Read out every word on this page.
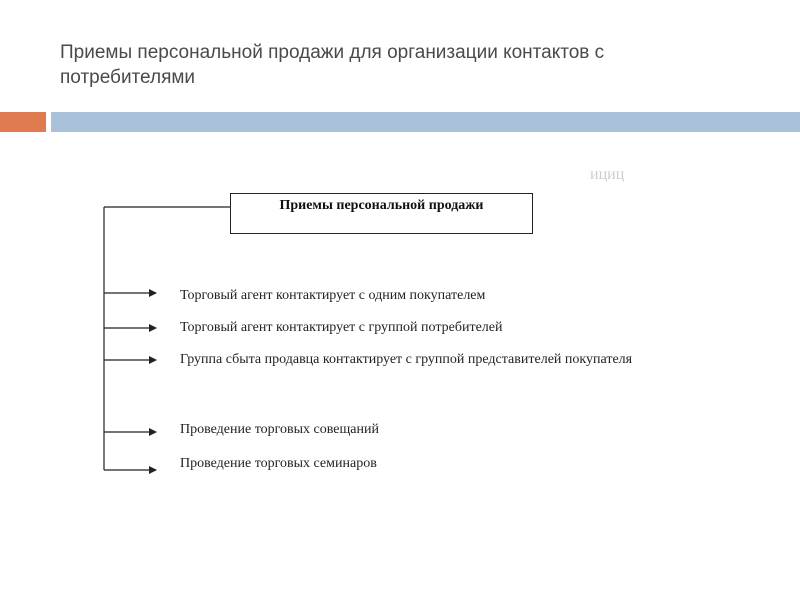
Приемы персональной продажи для организации контактов с потребителями
ициц
Приемы персональной продажи
Торговый агент контактирует с одним покупателем
Торговый агент контактирует с группой потребителей
Группа сбыта продавца контактирует с группой представителей покупателя
Проведение торговых совещаний
Проведение торговых семинаров
